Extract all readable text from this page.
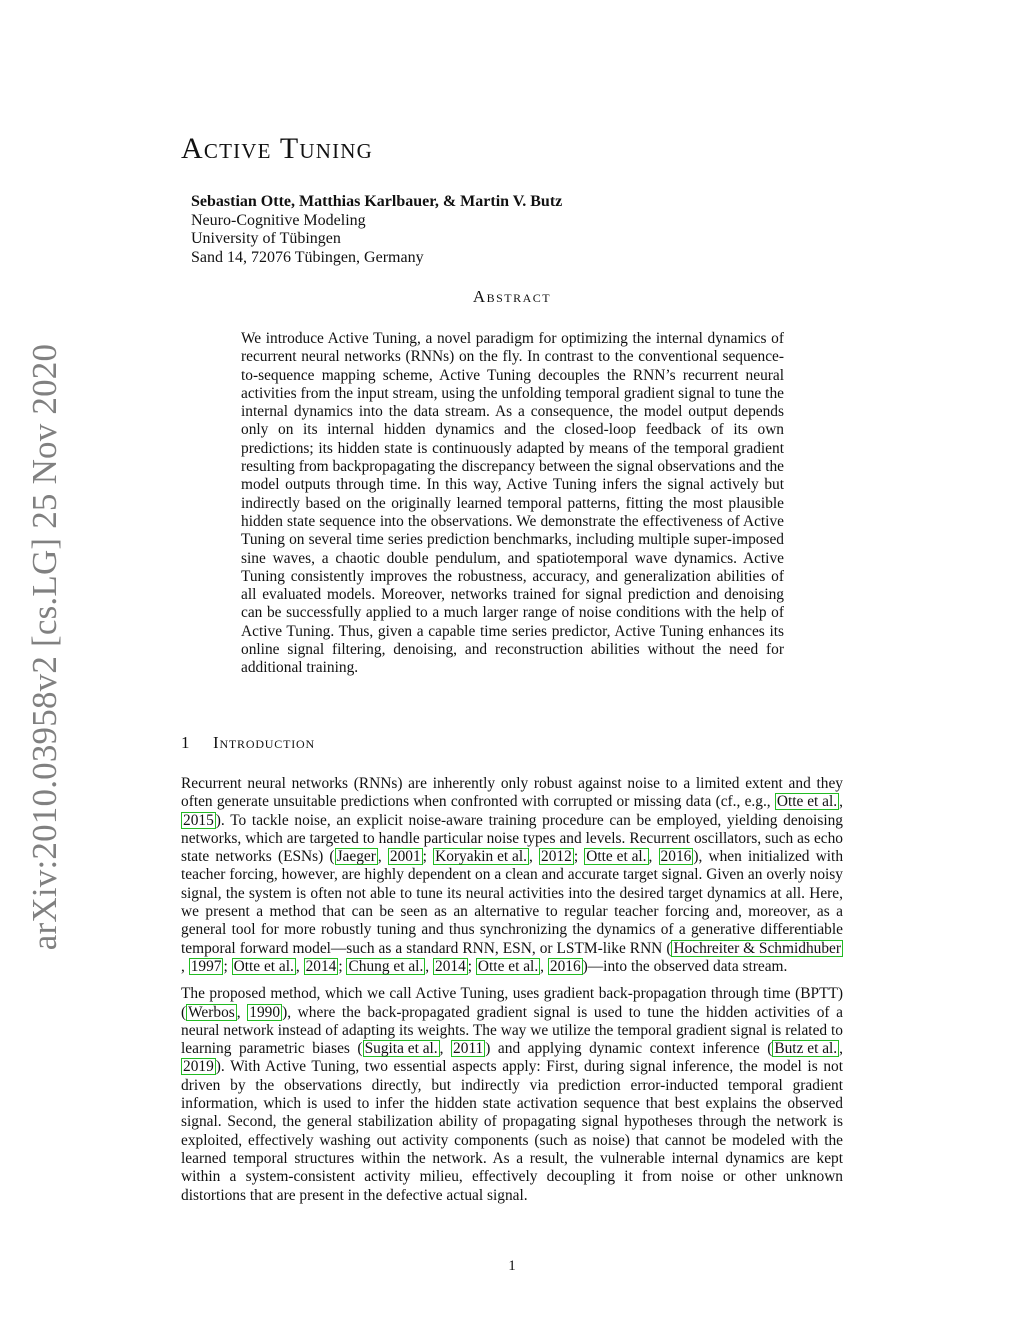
arXiv:2010.03958v2 [cs.LG] 25 Nov 2020
Active Tuning
Sebastian Otte, Matthias Karlbauer, & Martin V. Butz
Neuro-Cognitive Modeling
University of Tübingen
Sand 14, 72076 Tübingen, Germany
Abstract

We introduce Active Tuning, a novel paradigm for optimizing the internal dynamics of recurrent neural networks (RNNs) on the fly. In contrast to the conventional sequence-to-sequence mapping scheme, Active Tuning decouples the RNN’s recurrent neural activities from the input stream, using the unfolding temporal gradient signal to tune the internal dynamics into the data stream. As a consequence, the model output depends only on its internal hidden dynamics and the closed-loop feedback of its own predictions; its hidden state is continuously adapted by means of the temporal gradient resulting from backpropagating the discrepancy between the signal observations and the model outputs through time. In this way, Active Tuning infers the signal actively but indirectly based on the originally learned temporal patterns, fitting the most plausible hidden state sequence into the observations. We demonstrate the effectiveness of Active Tuning on several time series prediction benchmarks, including multiple super-imposed sine waves, a chaotic double pendulum, and spatiotemporal wave dynamics. Active Tuning consistently improves the robustness, accuracy, and generalization abilities of all evaluated models. Moreover, networks trained for signal prediction and denoising can be successfully applied to a much larger range of noise conditions with the help of Active Tuning. Thus, given a capable time series predictor, Active Tuning enhances its online signal filtering, denoising, and reconstruction abilities without the need for additional training.

1 Introduction

Recurrent neural networks (RNNs) are inherently only robust against noise to a limited extent and they often generate unsuitable predictions when confronted with corrupted or missing data (cf., e.g., Otte et al. , 2015 ). To tackle noise, an explicit noise-aware training procedure can be employed, yielding denoising networks, which are targeted to handle particular noise types and levels. Recurrent oscillators, such as echo state networks (ESNs) ( Jaeger , 2001 ; Koryakin et al. , 2012 ; Otte et al. , 2016 ), when initialized with teacher forcing, however, are highly dependent on a clean and accurate target signal. Given an overly noisy signal, the system is often not able to tune its neural activities into the desired target dynamics at all. Here, we present a method that can be seen as an alternative to regular teacher forcing and, moreover, as a general tool for more robustly tuning and thus synchronizing the dynamics of a generative differentiable temporal forward model—such as a standard RNN, ESN, or LSTM-like RNN ( Hochreiter & Schmidhuber, 1997 ; Otte et al. , 2014 ; Chung et al. , 2014 ; Otte et al. , 2016 )—into the observed data stream.

The proposed method, which we call Active Tuning, uses gradient back-propagation through time (BPTT) ( Werbos , 1990 ), where the back-propagated gradient signal is used to tune the hidden activities of a neural network instead of adapting its weights. The way we utilize the temporal gradient signal is related to learning parametric biases ( Sugita et al. , 2011 ) and applying dynamic context inference ( Butz et al. , 2019 ). With Active Tuning, two essential aspects apply: First, during signal inference, the model is not driven by the observations directly, but indirectly via prediction error-inducted temporal gradient information, which is used to infer the hidden state activation sequence that best explains the observed signal. Second, the general stabilization ability of propagating signal hypotheses through the network is exploited, effectively washing out activity components (such as noise) that cannot be modeled with the learned temporal structures within the network. As a result, the vulnerable internal dynamics are kept within a system-consistent activity milieu, effectively decoupling it from noise or other unknown distortions that are present in the defective actual signal.

1
